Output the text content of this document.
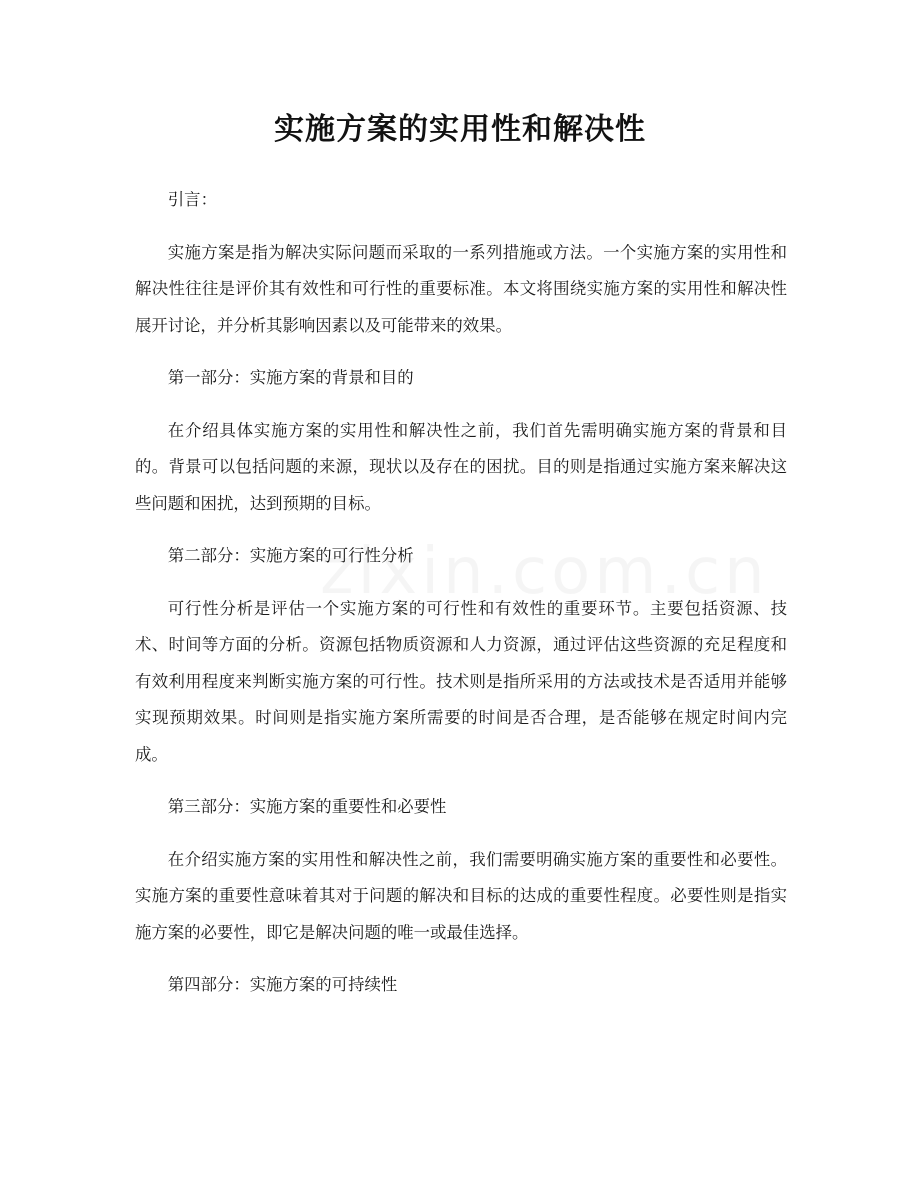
实施方案的实用性和解决性

引言：

实施方案是指为解决实际问题而采取的一系列措施或方法。一个实施方案的实用性和解决性往往是评价其有效性和可行性的重要标准。本文将围绕实施方案的实用性和解决性展开讨论，并分析其影响因素以及可能带来的效果。

第一部分：实施方案的背景和目的

在介绍具体实施方案的实用性和解决性之前，我们首先需明确实施方案的背景和目的。背景可以包括问题的来源，现状以及存在的困扰。目的则是指通过实施方案来解决这些问题和困扰，达到预期的目标。

第二部分：实施方案的可行性分析

可行性分析是评估一个实施方案的可行性和有效性的重要环节。主要包括资源、技术、时间等方面的分析。资源包括物质资源和人力资源，通过评估这些资源的充足程度和有效利用程度来判断实施方案的可行性。技术则是指所采用的方法或技术是否适用并能够实现预期效果。时间则是指实施方案所需要的时间是否合理，是否能够在规定时间内完成。

第三部分：实施方案的重要性和必要性

在介绍实施方案的实用性和解决性之前，我们需要明确实施方案的重要性和必要性。实施方案的重要性意味着其对于问题的解决和目标的达成的重要性程度。必要性则是指实施方案的必要性，即它是解决问题的唯一或最佳选择。

第四部分：实施方案的可持续性
